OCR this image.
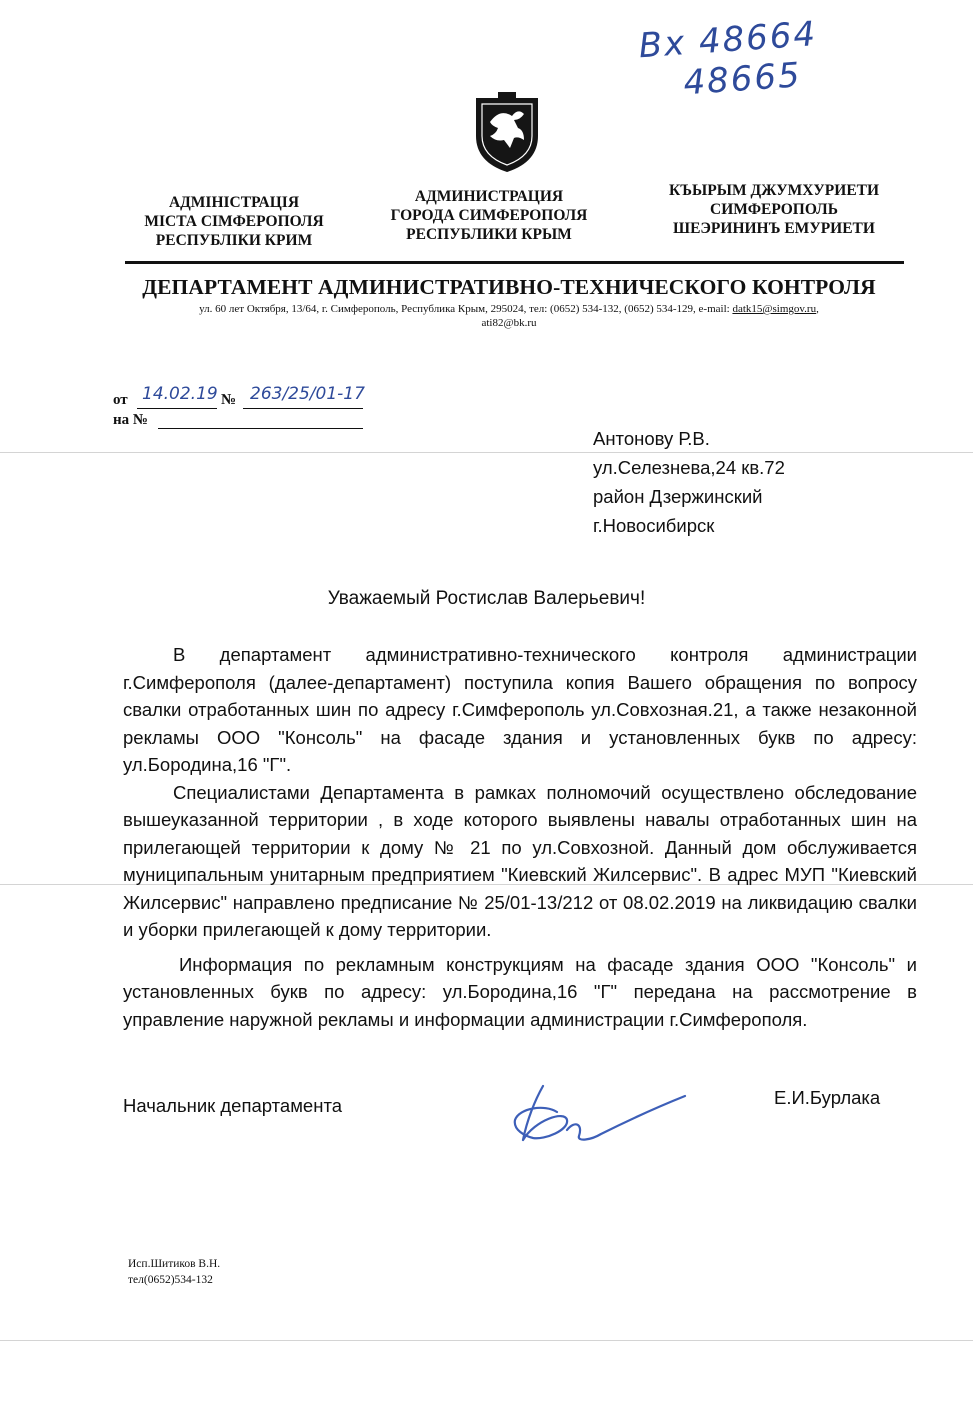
Вх 48664
48665
АДМІНІСТРАЦІЯ
МІСТА СІМФЕРОПОЛЯ
РЕСПУБЛІКИ КРИМ
АДМИНИСТРАЦИЯ
ГОРОДА СИМФЕРОПОЛЯ
РЕСПУБЛИКИ КРЫМ
КЪЫРЫМ ДЖУМХУРИЕТИ
СИМФЕРОПОЛЬ
ШЕЭРИНИНЪ ЕМУРИЕТИ
ДЕПАРТАМЕНТ АДМИНИСТРАТИВНО-ТЕХНИЧЕСКОГО КОНТРОЛЯ
ул. 60 лет Октября, 13/64, г. Симферополь, Республика Крым, 295024, тел: (0652) 534-132, (0652) 534-129, e-mail: datk15@simgov.ru,
ati82@bk.ru
от 14.02.19 № 263/25/01-17
на №
Антонову Р.В.
ул.Селезнева,24 кв.72
район Дзержинский
г.Новосибирск
Уважаемый Ростислав Валерьевич!

В департамент административно-технического контроля администрации г.Симферополя (далее-департамент) поступила копия Вашего обращения по вопросу свалки отработанных шин по адресу г.Симферополь ул.Совхозная.21, а также незаконной рекламы ООО "Консоль" на фасаде здания и установленных букв по адресу: ул.Бородина,16 "Г".

Специалистами Департамента в рамках полномочий осуществлено обследование вышеуказанной территории , в ходе которого выявлены навалы отработанных шин на прилегающей территории к дому № 21 по ул.Совхозной. Данный дом обслуживается муниципальным унитарным предприятием "Киевский Жилсервис". В адрес МУП "Киевский Жилсервис" направлено предписание № 25/01-13/212 от 08.02.2019 на ликвидацию свалки и уборки прилегающей к дому территории.

Информация по рекламным конструкциям на фасаде здания ООО "Консоль" и установленных букв по адресу: ул.Бородина,16 "Г" передана на рассмотрение в управление наружной рекламы и информации администрации г.Симферополя.

Начальник департамента	Е.И.Бурлака
Исп.Шитиков В.Н.
тел(0652)534-132
